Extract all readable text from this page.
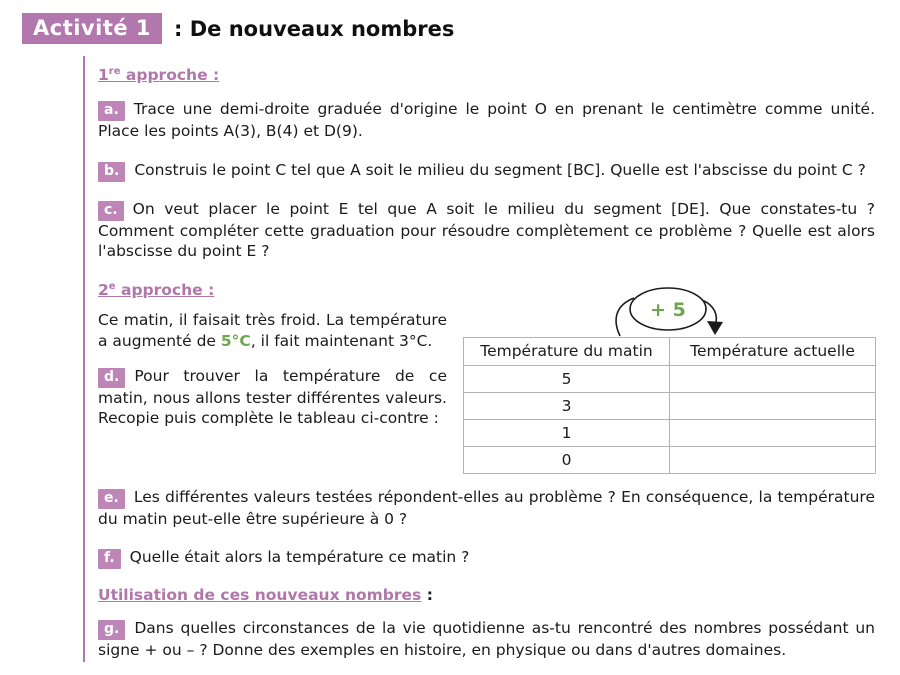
Activité 1	: De nouveaux nombres
1re approche :

a. Trace une demi-droite graduée d'origine le point O en prenant le centimètre comme unité. Place les points A(3), B(4) et D(9).

b. Construis le point C tel que A soit le milieu du segment [BC]. Quelle est l'abscisse du point C ?

c. On veut placer le point E tel que A soit le milieu du segment [DE]. Que constates-tu ? Comment compléter cette graduation pour résoudre complètement ce problème ? Quelle est alors l'abscisse du point E ?

2e approche :

Ce matin, il faisait très froid. La température a augmenté de 5°C, il fait maintenant 3°C.

d. Pour trouver la température de ce matin, nous allons tester différentes valeurs. Recopie puis complète le tableau ci-contre :

+ 5
Température du matin	Température actuelle
5	
3	
1	
0	

e. Les différentes valeurs testées répondent-elles au problème ? En conséquence, la température du matin peut-elle être supérieure à 0 ?

f. Quelle était alors la température ce matin ?

Utilisation de ces nouveaux nombres :

g. Dans quelles circonstances de la vie quotidienne as-tu rencontré des nombres possédant un signe + ou – ? Donne des exemples en histoire, en physique ou dans d'autres domaines.
